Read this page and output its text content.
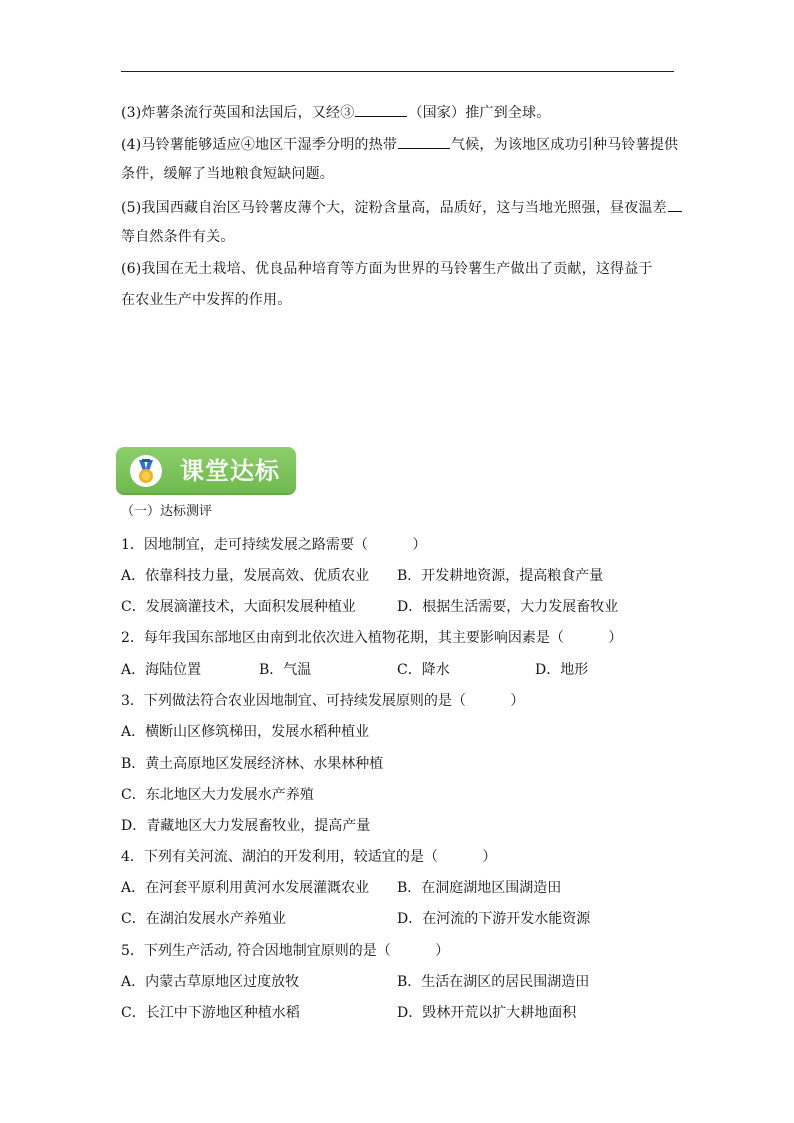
(3)炸薯条流行英国和法国后，又经③	（国家）推广到全球。
(4)马铃薯能够适应④地区干湿季分明的热带	气候，为该地区成功引种马铃薯提供
条件，缓解了当地粮食短缺问题。
(5)我国西藏自治区马铃薯皮薄个大，淀粉含量高，品质好，这与当地光照强，昼夜温差
等自然条件有关。
(6)我国在无土栽培、优良品种培育等方面为世界的马铃薯生产做出了贡献，这得益于
在农业生产中发挥的作用。
课堂达标
（一）达标测评
1．因地制宜，走可持续发展之路需要（          ）
A．依靠科技力量，发展高效、优质农业 B．开发耕地资源，提高粮食产量
C．发展滴灌技术，大面积发展种植业	D．根据生活需要，大力发展畜牧业
2．每年我国东部地区由南到北依次进入植物花期，其主要影响因素是（          ）
A．海陆位置	B．气温	C．降水	D．地形
3．下列做法符合农业因地制宜、可持续发展原则的是（          ）
A．横断山区修筑梯田，发展水稻种植业
B．黄土高原地区发展经济林、水果林种植
C．东北地区大力发展水产养殖
D．青藏地区大力发展畜牧业，提高产量
4．下列有关河流、湖泊的开发利用，较适宜的是（          ）
A．在河套平原利用黄河水发展灌溉农业 B．在洞庭湖地区围湖造田
C．在湖泊发展水产养殖业	D．在河流的下游开发水能资源
5．下列生产活动, 符合因地制宜原则的是（          ）
A．内蒙古草原地区过度放牧	B．生活在湖区的居民围湖造田
C．长江中下游地区种植水稻	D．毁林开荒以扩大耕地面积
